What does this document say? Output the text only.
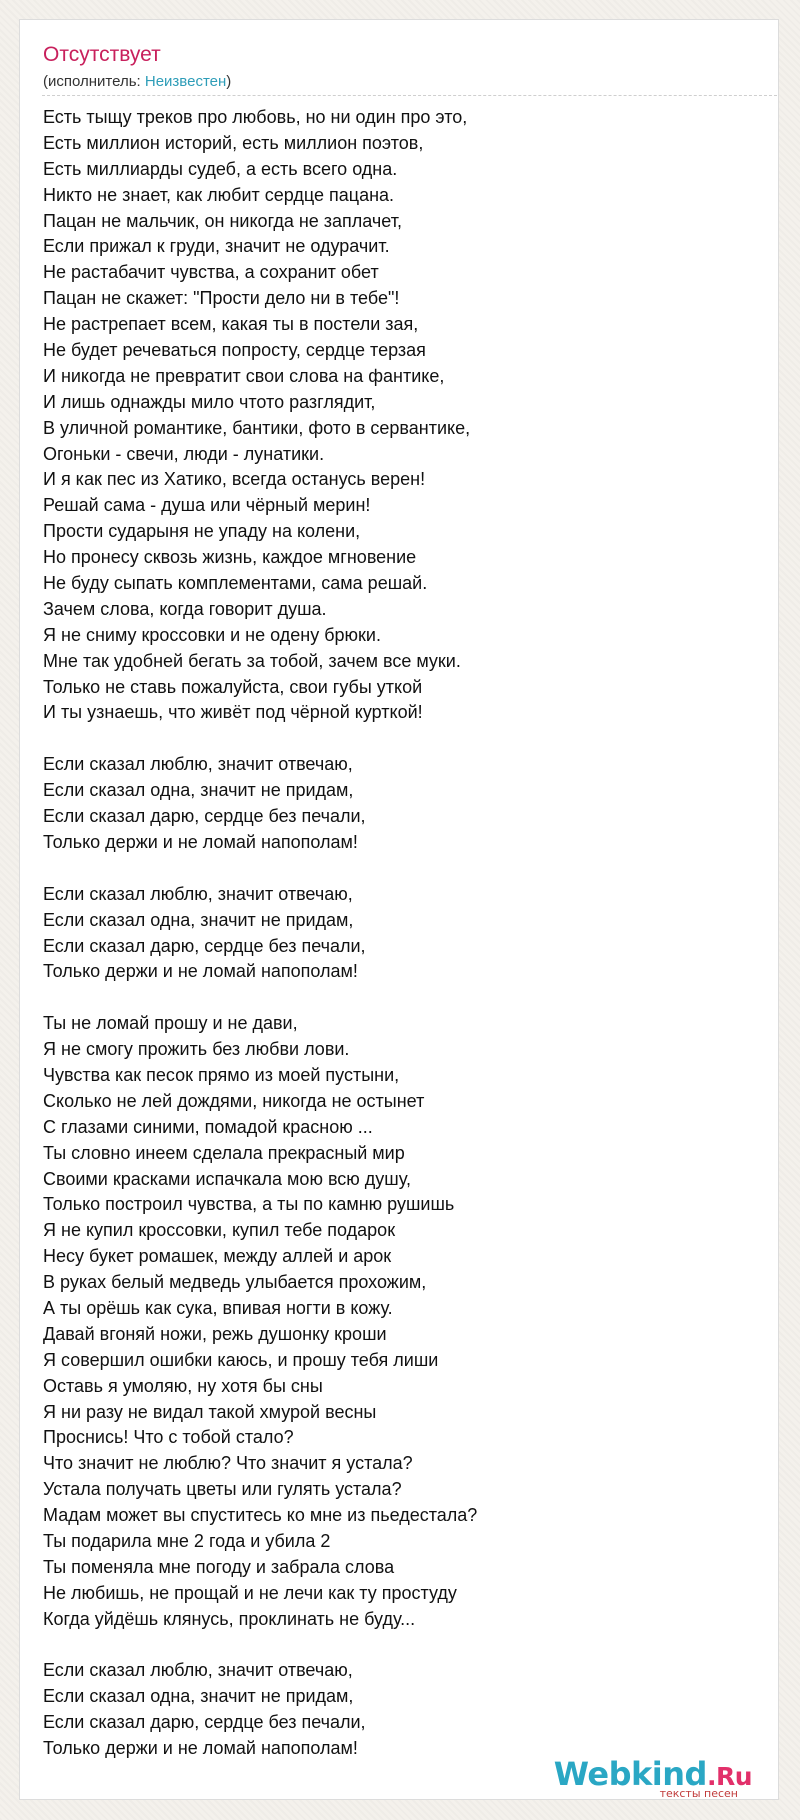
Отсутствует
(исполнитель: Неизвестен)
Есть тыщу треков про любовь, но ни один про это,
Есть миллион историй, есть миллион поэтов,
Есть миллиарды судеб, а есть всего одна.
Никто не знает, как любит сердце пацана.
Пацан не мальчик, он никогда не заплачет,
Если прижал к груди, значит не одурачит.
Не растабачит чувства, а сохранит обет
Пацан не скажет: "Прости дело ни в тебе"!
Не растрепает всем, какая ты в постели зая,
Не будет речеваться попросту, сердце терзая
И никогда не превратит свои слова на фантике,
И лишь однажды мило чтото разглядит,
В уличной романтике, бантики, фото в сервантике,
Огоньки - свечи, люди - лунатики.
И я как пес из Хатико, всегда останусь верен!
Решай сама - душа или чёрный мерин!
Прости сударыня не упаду на колени,
Но пронесу сквозь жизнь, каждое мгновение
Не буду сыпать комплементами, сама решай.
Зачем слова, когда говорит душа.
Я не сниму кроссовки и не одену брюки.
Мне так удобней бегать за тобой, зачем все муки.
Только не ставь пожалуйста, свои губы уткой
И ты узнаешь, что живёт под чёрной курткой!
Если сказал люблю, значит отвечаю,
Если сказал одна, значит не придам,
Если сказал дарю, сердце без печали,
Только держи и не ломай напополам!
Если сказал люблю, значит отвечаю,
Если сказал одна, значит не придам,
Если сказал дарю, сердце без печали,
Только держи и не ломай напополам!
Ты не ломай прошу и не дави,
Я не смогу прожить без любви лови.
Чувства как песок прямо из моей пустыни,
Сколько не лей дождями, никогда не остынет
С глазами синими, помадой красною ...
Ты словно инеем сделала прекрасный мир
Своими красками испачкала мою всю душу,
Только построил чувства, а ты по камню рушишь
Я не купил кроссовки, купил тебе подарок
Несу букет ромашек, между аллей и арок
В руках белый медведь улыбается прохожим,
А ты орёшь как сука, впивая ногти в кожу.
Давай вгоняй ножи, режь душонку кроши
Я совершил ошибки каюсь, и прошу тебя лиши
Оставь я умоляю, ну хотя бы сны
Я ни разу не видал такой хмурой весны
Проснись! Что с тобой стало?
Что значит не люблю? Что значит я устала?
Устала получать цветы или гулять устала?
Мадам может вы спуститесь ко мне из пьедестала?
Ты подарила мне 2 года и убила 2
Ты поменяла мне погоду и забрала слова
Не любишь, не прощай и не лечи как ту простуду
Когда уйдёшь клянусь, проклинать не буду...
Если сказал люблю, значит отвечаю,
Если сказал одна, значит не придам,
Если сказал дарю, сердце без печали,
Только держи и не ломай напополам!
Webkind.Ru
тексты песен
